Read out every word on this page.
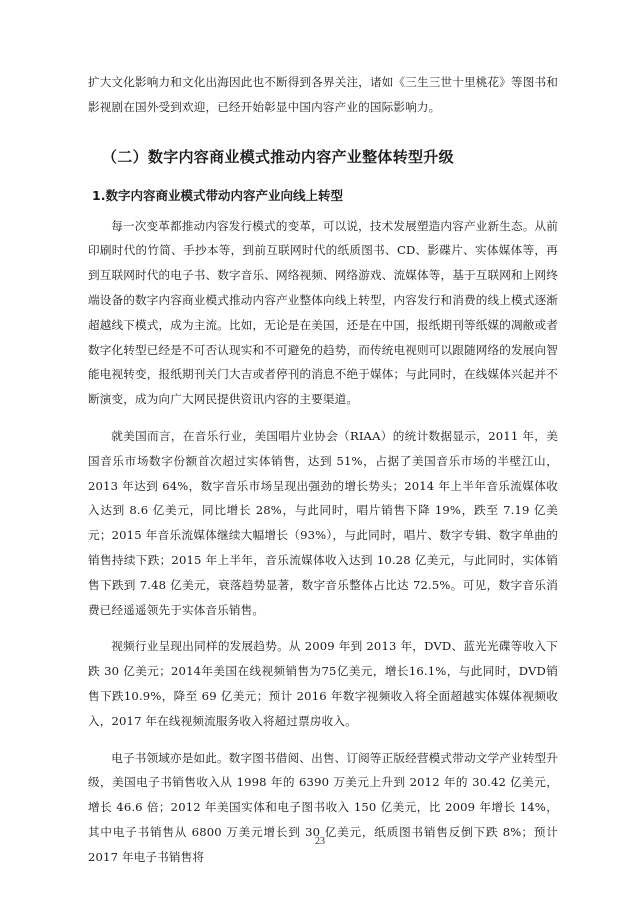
扩大文化影响力和文化出海因此也不断得到各界关注，诸如《三生三世十里桃花》等图书和影视剧在国外受到欢迎，已经开始彰显中国内容产业的国际影响力。

（二）数字内容商业模式推动内容产业整体转型升级
1.数字内容商业模式带动内容产业向线上转型

每一次变革都推动内容发行模式的变革，可以说，技术发展塑造内容产业新生态。从前印刷时代的竹简、手抄本等，到前互联网时代的纸质图书、CD、影碟片、实体媒体等，再到互联网时代的电子书、数字音乐、网络视频、网络游戏、流媒体等，基于互联网和上网终端设备的数字内容商业模式推动内容产业整体向线上转型，内容发行和消费的线上模式逐渐超越线下模式，成为主流。比如，无论是在美国，还是在中国，报纸期刊等纸媒的凋敝或者数字化转型已经是不可否认现实和不可避免的趋势，而传统电视则可以跟随网络的发展向智能电视转变，报纸期刊关门大吉或者停刊的消息不绝于媒体；与此同时，在线媒体兴起并不断演变，成为向广大网民提供资讯内容的主要渠道。

就美国而言，在音乐行业，美国唱片业协会（RIAA）的统计数据显示，2011 年，美国音乐市场数字份额首次超过实体销售，达到 51%，占据了美国音乐市场的半壁江山，2013 年达到 64%，数字音乐市场呈现出强劲的增长势头；2014 年上半年音乐流媒体收入达到 8.6 亿美元，同比增长 28%，与此同时，唱片销售下降 19%，跌至 7.19 亿美元；2015 年音乐流媒体继续大幅增长（93%），与此同时，唱片、数字专辑、数字单曲的销售持续下跌；2015 年上半年，音乐流媒体收入达到 10.28 亿美元，与此同时，实体销售下跌到 7.48 亿美元，衰落趋势显著，数字音乐整体占比达 72.5%。可见，数字音乐消费已经遥遥领先于实体音乐销售。

视频行业呈现出同样的发展趋势。从 2009 年到 2013 年，DVD、蓝光光碟等收入下跌 30 亿美元；2014年美国在线视频销售为75亿美元，增长16.1%，与此同时，DVD销售下跌10.9%，降至 69 亿美元；预计 2016 年数字视频收入将全面超越实体媒体视频收入，2017 年在线视频流服务收入将超过票房收入。

电子书领域亦是如此。数字图书借阅、出售、订阅等正版经营模式带动文学产业转型升级，美国电子书销售收入从 1998 年的 6390 万美元上升到 2012 年的 30.42 亿美元，增长 46.6 倍；2012 年美国实体和电子图书收入 150 亿美元，比 2009 年增长 14%，其中电子书销售从 6800 万美元增长到 30 亿美元，纸质图书销售反倒下跌 8%；预计 2017 年电子书销售将

23
